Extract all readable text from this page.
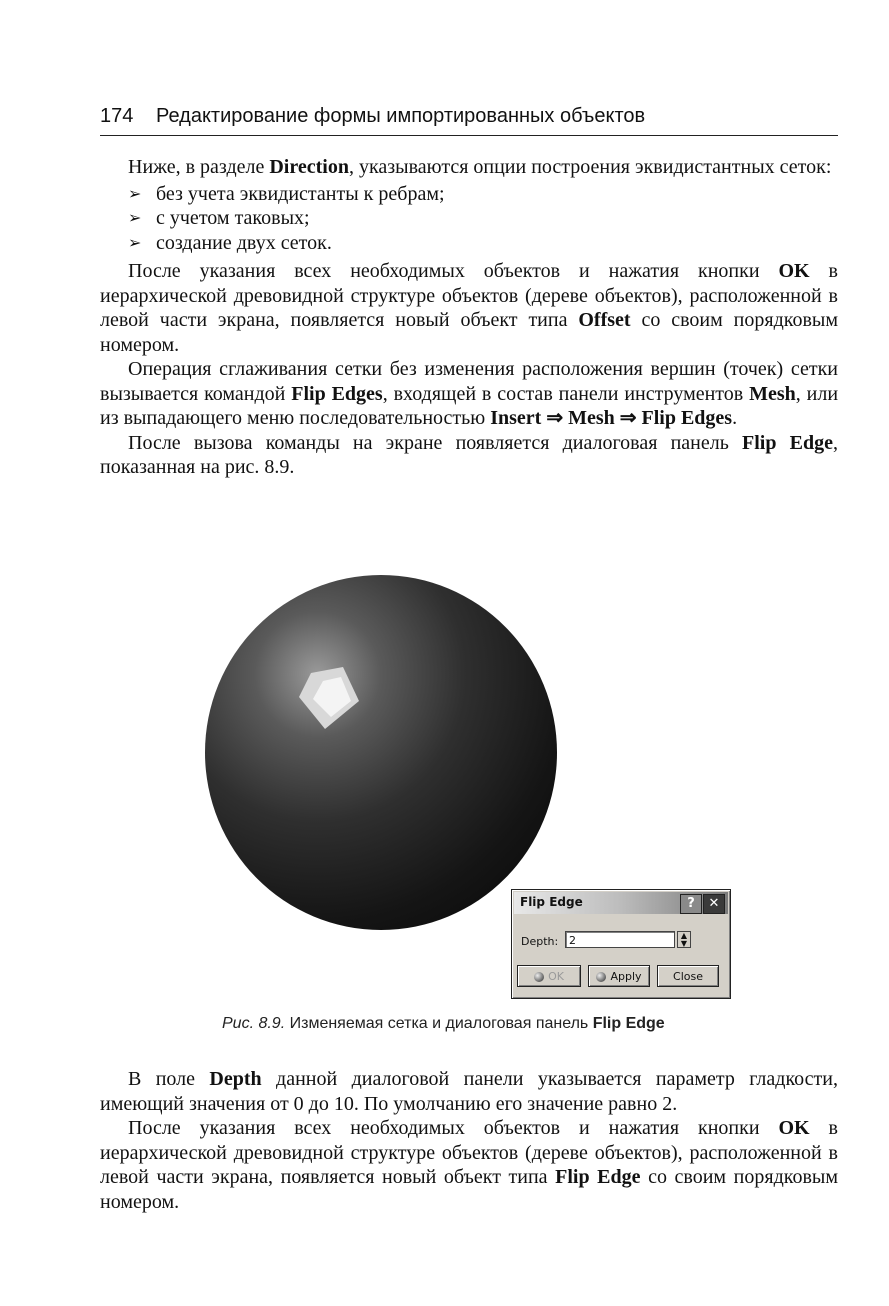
174 Редактирование формы импортированных объектов

Ниже, в разделе Direction, указываются опции построения эквидистантных сеток:

➢ без учета эквидистанты к ребрам;
➢ с учетом таковых;
➢ создание двух сеток.

После указания всех необходимых объектов и нажатия кнопки OK в иерархической древовидной структуре объектов (дереве объектов), расположенной в левой части экрана, появляется новый объект типа Offset со своим порядковым номером.

Операция сглаживания сетки без изменения расположения вершин (точек) сетки вызывается командой Flip Edges, входящей в состав панели инструментов Mesh, или из выпадающего меню последовательностью Insert ⇒ Mesh ⇒ Flip Edges.

После вызова команды на экране появляется диалоговая панель Flip Edge, показанная на рис. 8.9.

Flip Edge	?	✕
Depth: 2	▲
▼
OK	Apply	Close
Рис. 8.9. Изменяемая сетка и диалоговая панель Flip Edge

В поле Depth данной диалоговой панели указывается параметр гладкости, имеющий значения от 0 до 10. По умолчанию его значение равно 2.

После указания всех необходимых объектов и нажатия кнопки OK в иерархической древовидной структуре объектов (дереве объектов), расположенной в левой части экрана, появляется новый объект типа Flip Edge со своим порядковым номером.
